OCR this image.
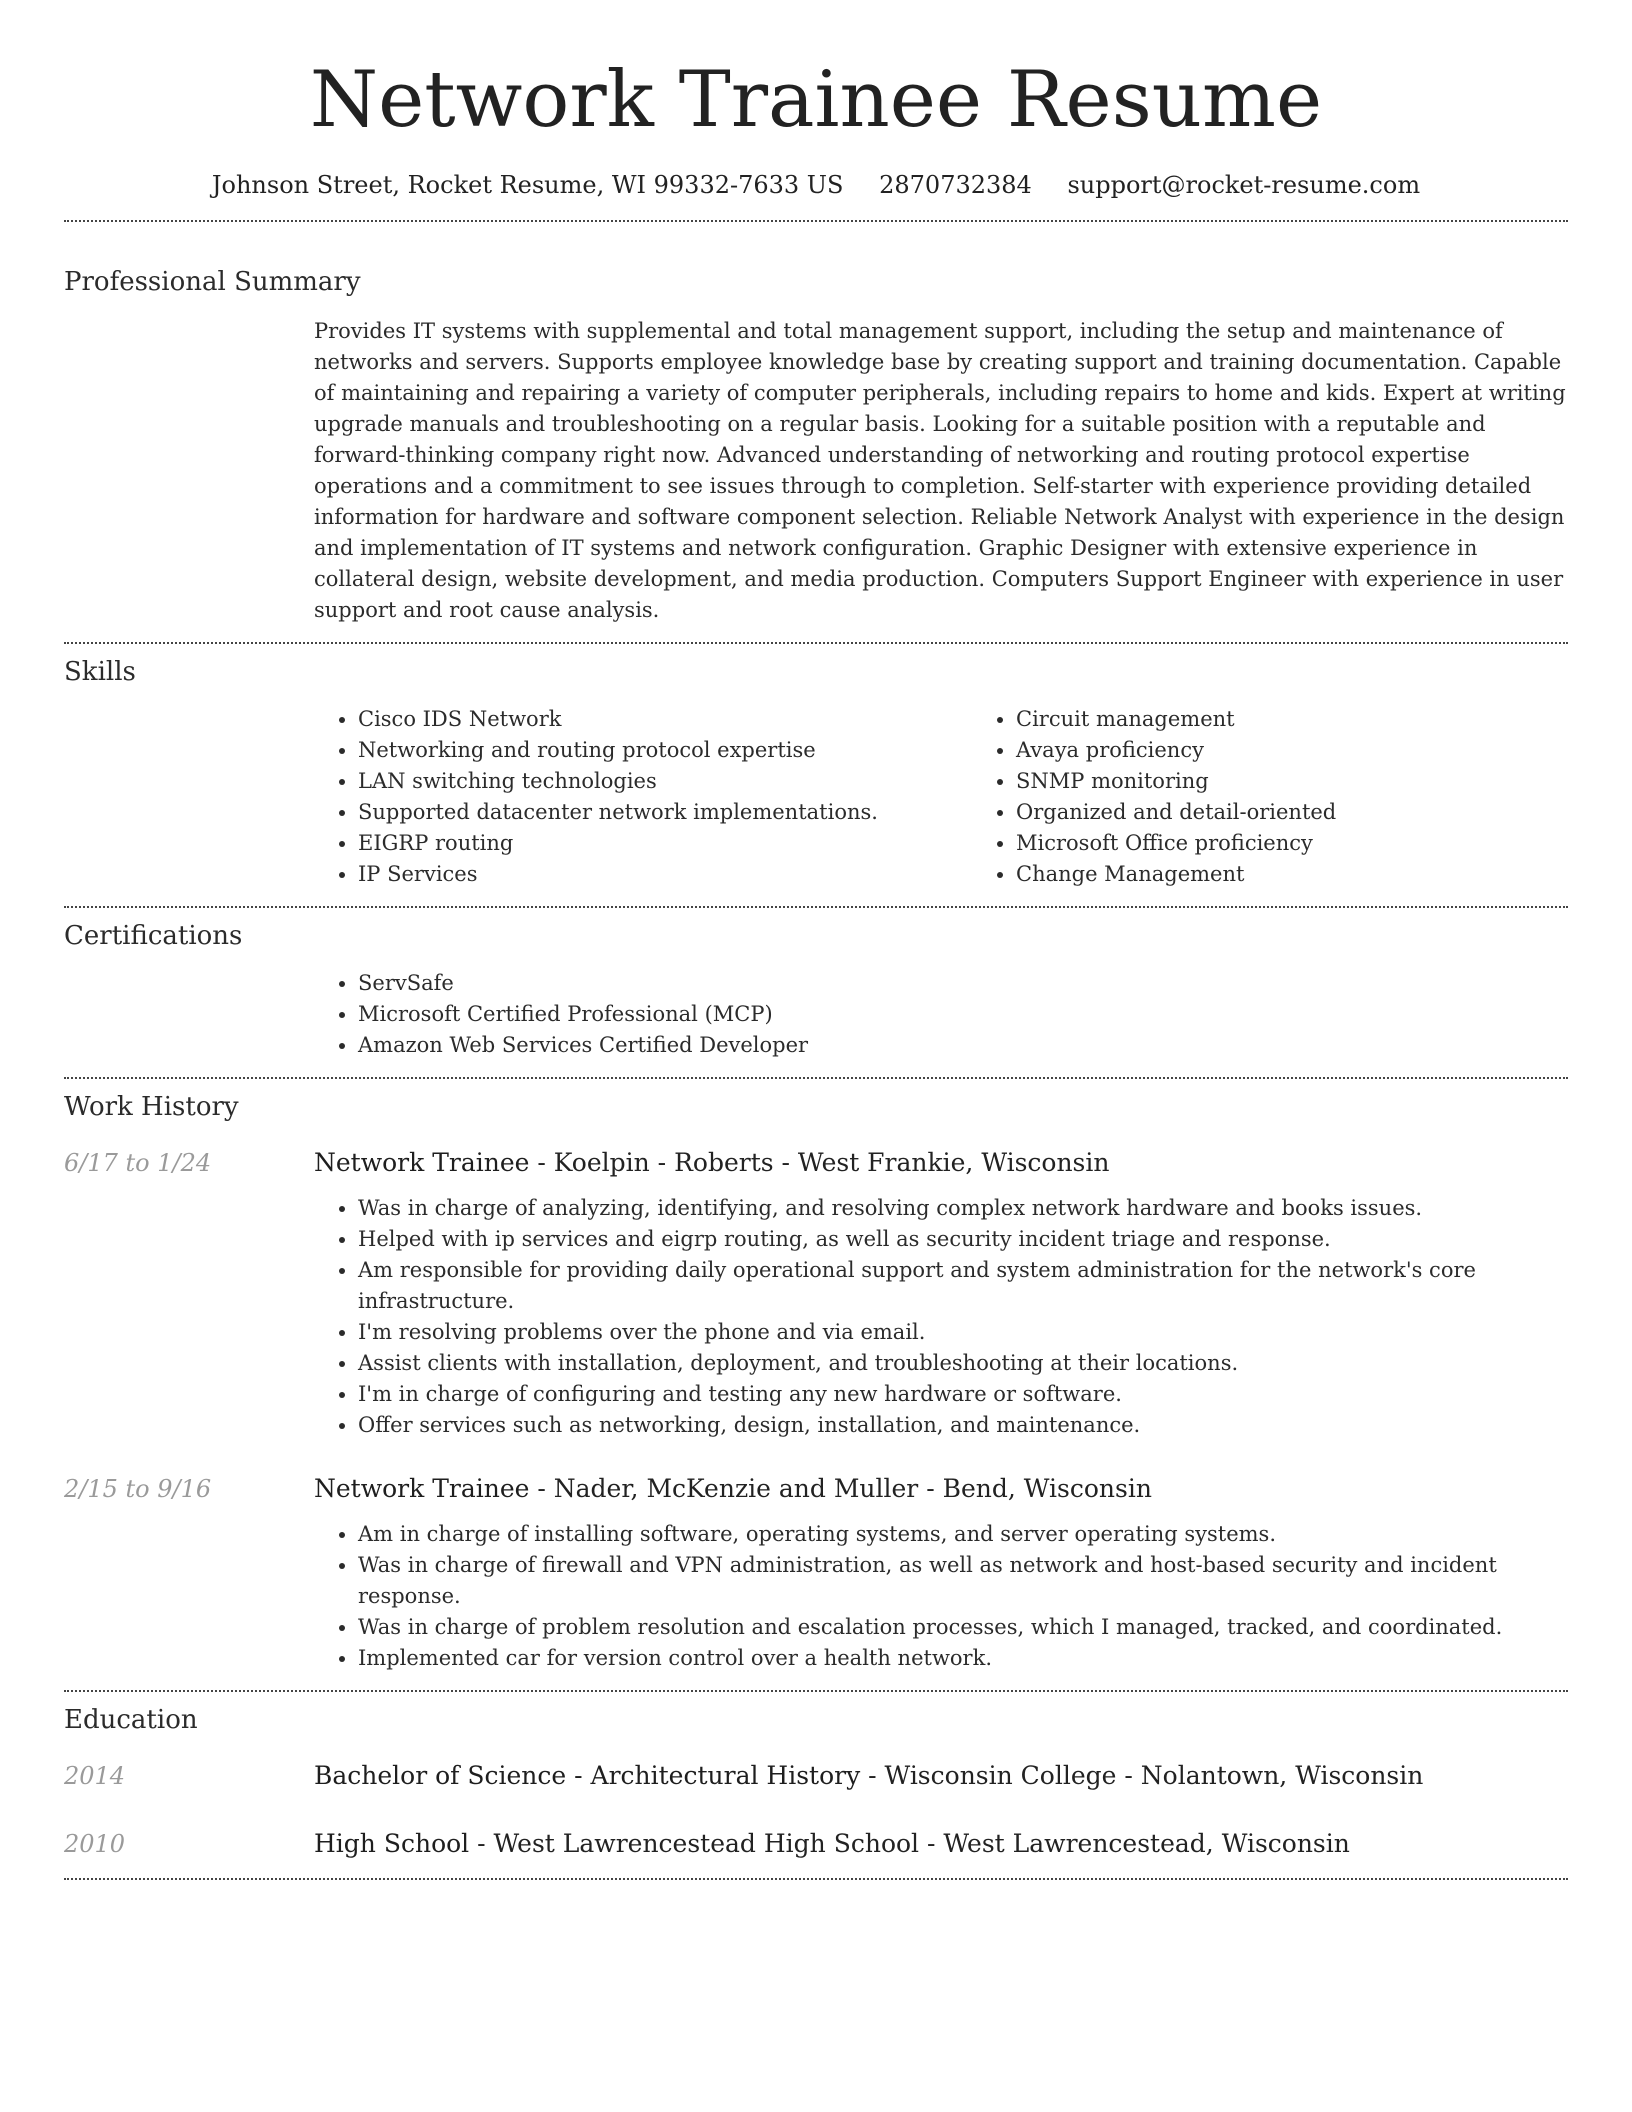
Network Trainee Resume
Johnson Street, Rocket Resume, WI 99332-7633 US 2870732384 support@rocket-resume.com
Professional Summary

Provides IT systems with supplemental and total management support, including the setup and maintenance of networks and servers. Supports employee knowledge base by creating support and training documentation. Capable of maintaining and repairing a variety of computer peripherals, including repairs to home and kids. Expert at writing upgrade manuals and troubleshooting on a regular basis. Looking for a suitable position with a reputable and forward-thinking company right now. Advanced understanding of networking and routing protocol expertise operations and a commitment to see issues through to completion. Self-starter with experience providing detailed information for hardware and software component selection. Reliable Network Analyst with experience in the design and implementation of IT systems and network configuration. Graphic Designer with extensive experience in collateral design, website development, and media production. Computers Support Engineer with experience in user support and root cause analysis.

Skills
• Cisco IDS Network
• Networking and routing protocol expertise
• LAN switching technologies
• Supported datacenter network implementations.
• EIGRP routing
• IP Services
• Circuit management
• Avaya proficiency
• SNMP monitoring
• Organized and detail-oriented
• Microsoft Office proficiency
• Change Management
Certifications
• ServSafe
• Microsoft Certified Professional (MCP)
• Amazon Web Services Certified Developer
Work History
6/17 to 1/24	Network Trainee - Koelpin - Roberts - West Frankie, Wisconsin
• Was in charge of analyzing, identifying, and resolving complex network hardware and books issues.
• Helped with ip services and eigrp routing, as well as security incident triage and response.
• Am responsible for providing daily operational support and system administration for the network's core infrastructure.
• I'm resolving problems over the phone and via email.
• Assist clients with installation, deployment, and troubleshooting at their locations.
• I'm in charge of configuring and testing any new hardware or software.
• Offer services such as networking, design, installation, and maintenance.
2/15 to 9/16	Network Trainee - Nader, McKenzie and Muller - Bend, Wisconsin
• Am in charge of installing software, operating systems, and server operating systems.
• Was in charge of firewall and VPN administration, as well as network and host-based security and incident response.
• Was in charge of problem resolution and escalation processes, which I managed, tracked, and coordinated.
• Implemented car for version control over a health network.
Education
2014	Bachelor of Science - Architectural History - Wisconsin College - Nolantown, Wisconsin
2010	High School - West Lawrencestead High School - West Lawrencestead, Wisconsin
